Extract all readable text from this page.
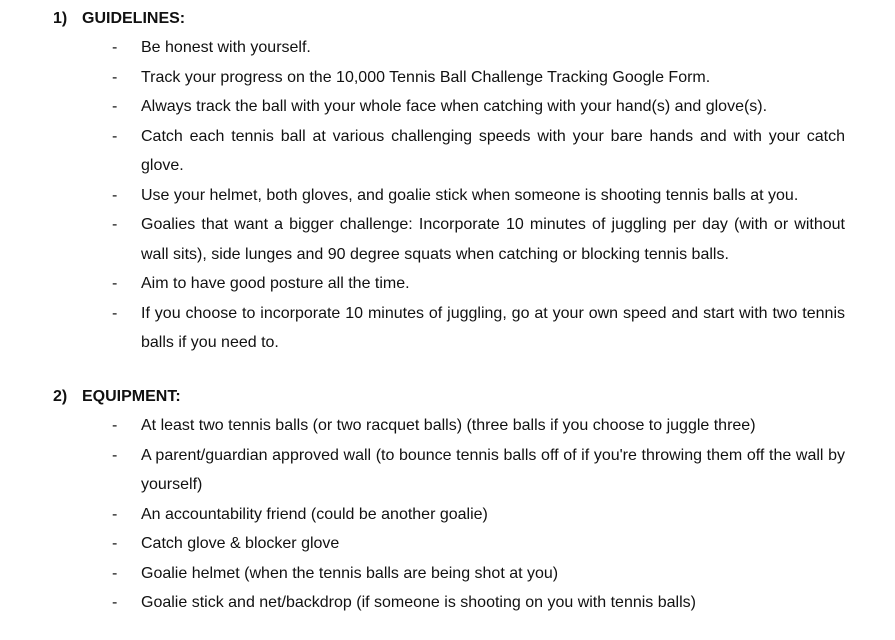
1) GUIDELINES:
- Be honest with yourself.
- Track your progress on the 10,000 Tennis Ball Challenge Tracking Google Form.
- Always track the ball with your whole face when catching with your hand(s) and glove(s).
- Catch each tennis ball at various challenging speeds with your bare hands and with your catch glove.
- Use your helmet, both gloves, and goalie stick when someone is shooting tennis balls at you.
- Goalies that want a bigger challenge: Incorporate 10 minutes of juggling per day (with or without wall sits), side lunges and 90 degree squats when catching or blocking tennis balls.
- Aim to have good posture all the time.
- If you choose to incorporate 10 minutes of juggling, go at your own speed and start with two tennis balls if you need to.
2) EQUIPMENT:
- At least two tennis balls (or two racquet balls) (three balls if you choose to juggle three)
- A parent/guardian approved wall (to bounce tennis balls off of if you're throwing them off the wall by yourself)
- An accountability friend (could be another goalie)
- Catch glove & blocker glove
- Goalie helmet (when the tennis balls are being shot at you)
- Goalie stick and net/backdrop (if someone is shooting on you with tennis balls)
